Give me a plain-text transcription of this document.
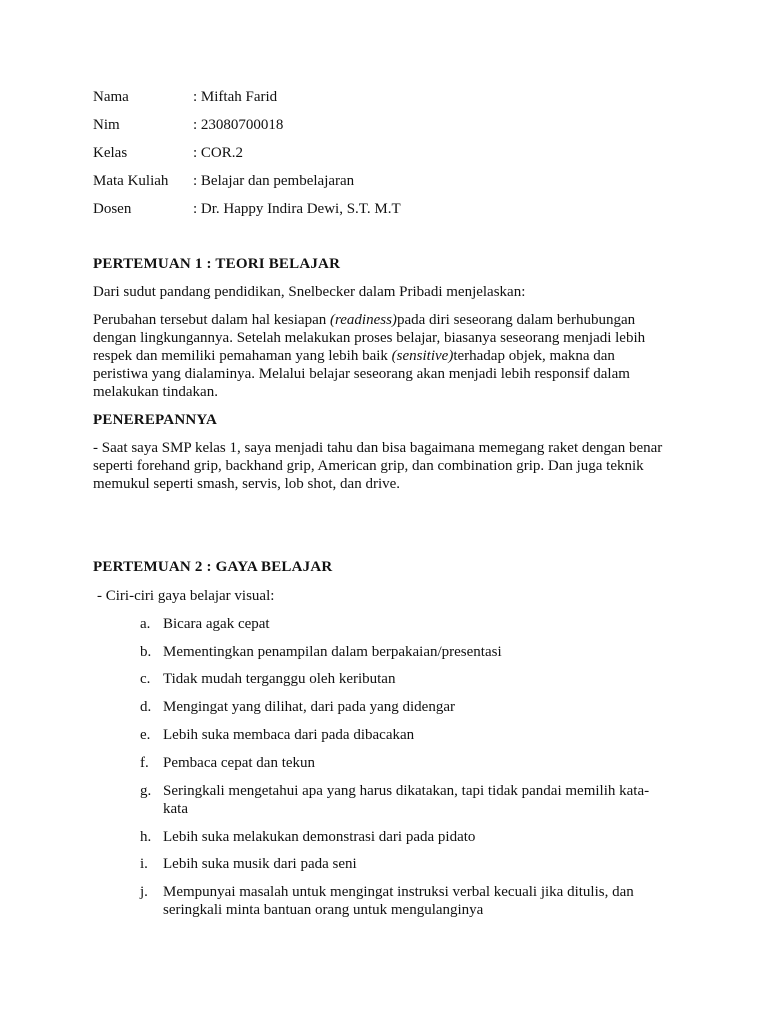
Nama	: Miftah Farid
Nim	: 23080700018
Kelas	: COR.2
Mata Kuliah : Belajar dan pembelajaran
Dosen	: Dr. Happy Indira Dewi, S.T. M.T
PERTEMUAN 1 : TEORI BELAJAR
Dari sudut pandang pendidikan, Snelbecker dalam Pribadi menjelaskan:
Perubahan tersebut dalam hal kesiapan (readiness)pada diri seseorang dalam berhubungan dengan lingkungannya. Setelah melakukan proses belajar, biasanya seseorang menjadi lebih respek dan memiliki pemahaman yang lebih baik (sensitive)terhadap objek, makna dan peristiwa yang dialaminya. Melalui belajar seseorang akan menjadi lebih responsif dalam melakukan tindakan.
PENEREPANNYA
- Saat saya SMP kelas 1, saya menjadi tahu dan bisa bagaimana memegang raket dengan benar seperti forehand grip, backhand grip, American grip, dan combination grip. Dan juga teknik memukul seperti smash, servis, lob shot, dan drive.
PERTEMUAN 2 : GAYA BELAJAR
- Ciri-ciri gaya belajar visual:
a. Bicara agak cepat
b. Mementingkan penampilan dalam berpakaian/presentasi
c. Tidak mudah terganggu oleh keributan
d. Mengingat yang dilihat, dari pada yang didengar
e. Lebih suka membaca dari pada dibacakan
f. Pembaca cepat dan tekun
g. Seringkali mengetahui apa yang harus dikatakan, tapi tidak pandai memilih kata-kata
h. Lebih suka melakukan demonstrasi dari pada pidato
i. Lebih suka musik dari pada seni
j. Mempunyai masalah untuk mengingat instruksi verbal kecuali jika ditulis, dan seringkali minta bantuan orang untuk mengulanginya
